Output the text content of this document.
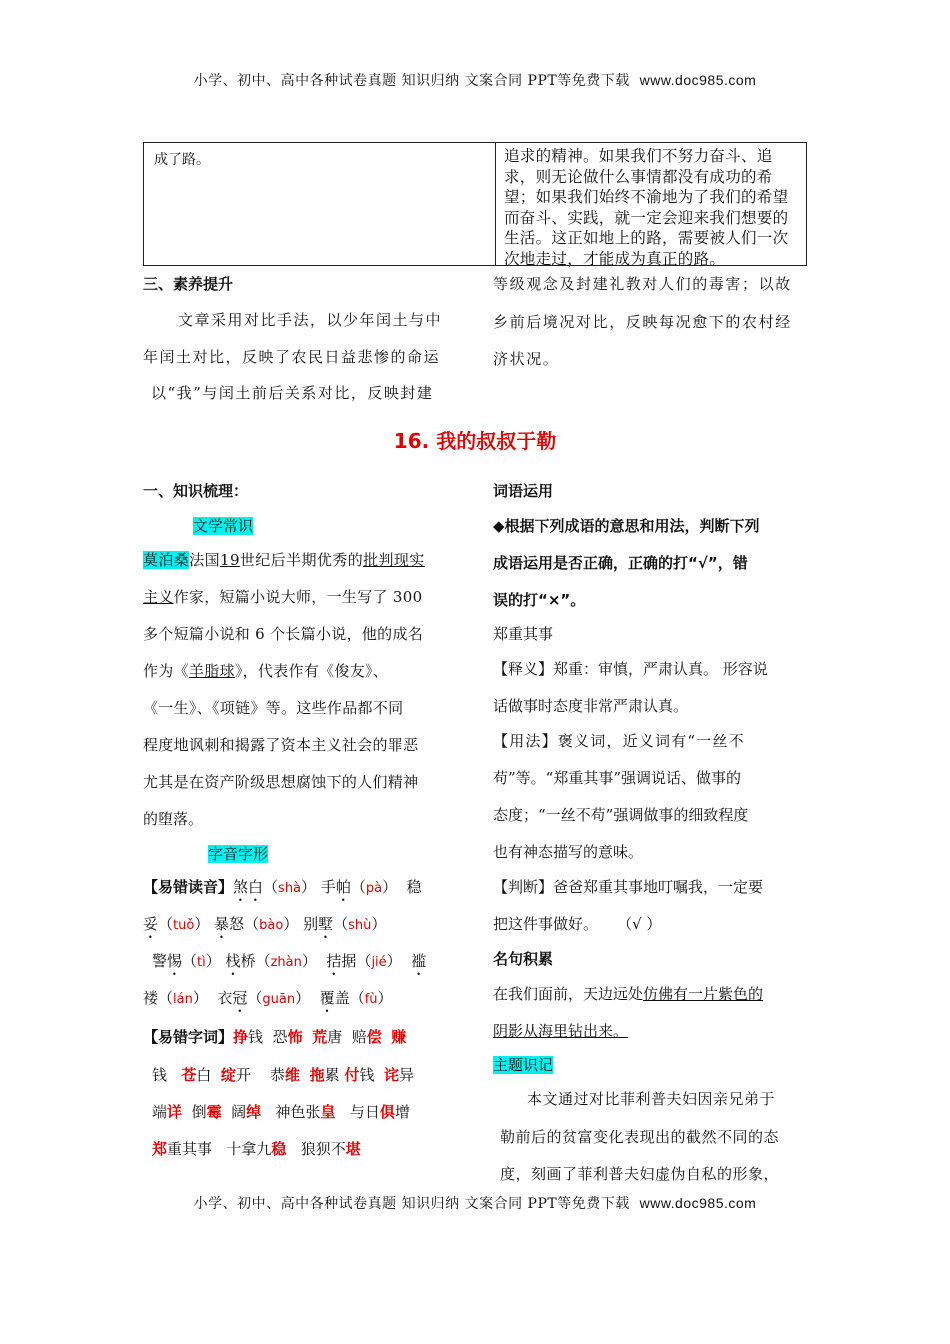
小学、初中、高中各种试卷真题 知识归纳 文案合同 PPT等免费下载 www.doc985.com
成了路。	追求的精神。如果我们不努力奋斗、追求，则无论做什么事情都没有成功的希望；如果我们始终不渝地为了我们的希望而奋斗、实践，就一定会迎来我们想要的生活。这正如地上的路，需要被人们一次次地走过，才能成为真正的路。
三、素养提升
文章采用对比手法，以少年闰土与中
年闰土对比，反映了农民日益悲惨的命运
以“我”与闰土前后关系对比，反映封建
等级观念及封建礼教对人们的毒害；以故
乡前后境况对比，反映每况愈下的农村经
济状况。
16. 我的叔叔于勒
一、知识梳理：
文学常识
莫泊桑法国19世纪后半期优秀的批判现实
主义作家，短篇小说大师，一生写了 300
多个短篇小说和 6 个长篇小说，他的成名
作为《羊脂球》，代表作有《俊友》、
《一生》、《项链》等。这些作品都不同
程度地讽刺和揭露了资本主义社会的罪恶
尤其是在资产阶级思想腐蚀下的人们精神
的堕落。
字音字形
【易错读音】煞白（shà） 手帕（pà）  稳
妥（tuǒ） 暴怒（bào） 别墅（shù）
警惕（tì） 栈桥（zhàn）  拮据（jié）  褴
褛（lán）  衣冠（guān）  覆盖（fù）
【易错字词】挣钱 恐怖 荒唐 赔偿 赚
钱 苍白 绽开 恭维 拖累 付钱 诧异
端详 倒霉 阔绰 神色张皇 与日俱增
郑重其事 十拿九稳 狼狈不堪
词语运用
◆根据下列成语的意思和用法，判断下列
成语运用是否正确，正确的打“√”，错
误的打“×”。
郑重其事
【释义】郑重：审慎，严肃认真。 形容说
话做事时态度非常严肃认真。
【用法】褒义词，近义词有“一丝不
苟”等。“郑重其事”强调说话、做事的
态度；“一丝不苟”强调做事的细致程度
也有神态描写的意味。
【判断】爸爸郑重其事地叮嘱我，一定要
把这件事做好。    （√ ）
名句积累
在我们面前，天边远处仿佛有一片紫色的
阴影从海里钻出来。
主题识记
本文通过对比菲利普夫妇因亲兄弟于
勒前后的贫富变化表现出的截然不同的态
度，刻画了菲利普夫妇虚伪自私的形象，
小学、初中、高中各种试卷真题 知识归纳 文案合同 PPT等免费下载 www.doc985.com
